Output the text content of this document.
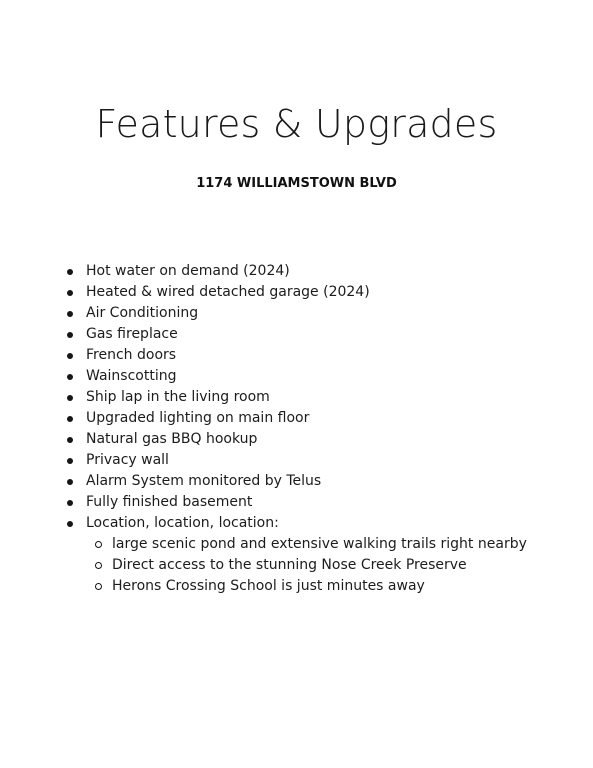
Features & Upgrades
1174 WILLIAMSTOWN BLVD
Hot water on demand (2024)
Heated & wired detached garage (2024)
Air Conditioning
Gas fireplace
French doors
Wainscotting
Ship lap in the living room
Upgraded lighting on main floor
Natural gas BBQ hookup
Privacy wall
Alarm System monitored by Telus
Fully finished basement
Location, location, location:
large scenic pond and extensive walking trails right nearby
Direct access to the stunning Nose Creek Preserve
Herons Crossing School is just minutes away
